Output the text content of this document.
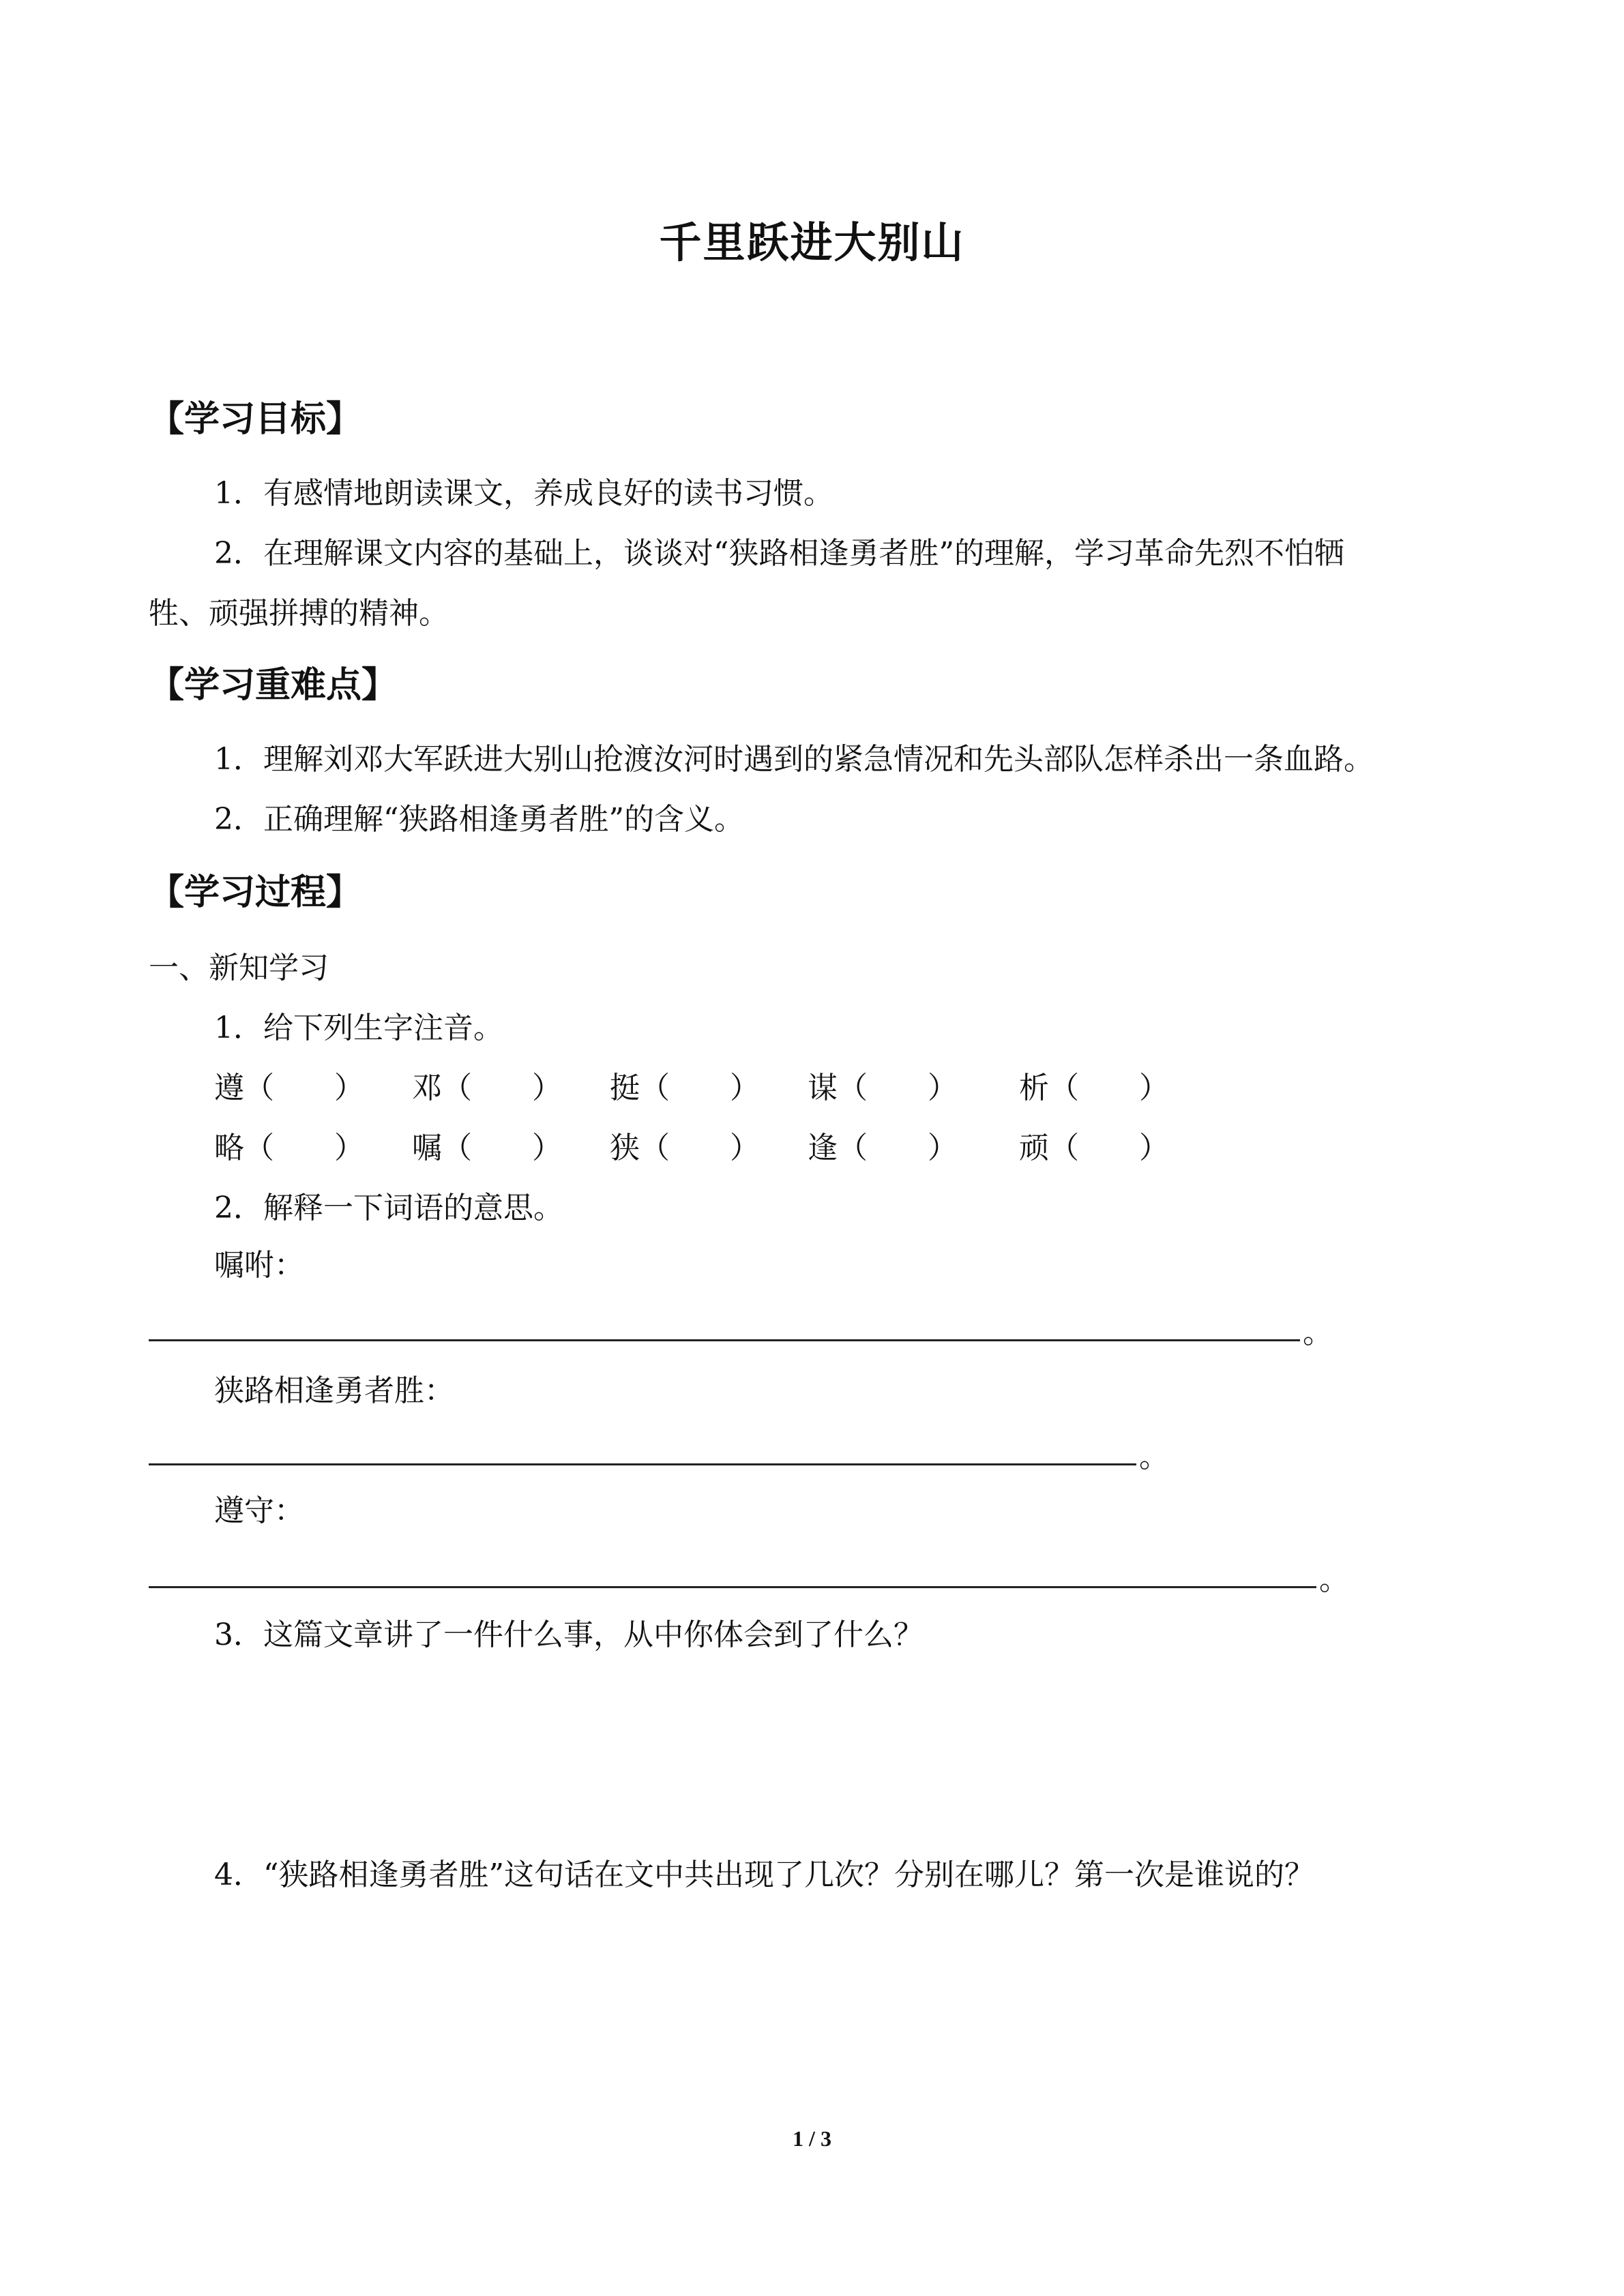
千里跃进大别山
【学习目标】
1．有感情地朗读课文，养成良好的读书习惯。
2．在理解课文内容的基础上，谈谈对“狭路相逢勇者胜”的理解，学习革命先烈不怕牺
牲、顽强拼搏的精神。
【学习重难点】
1．理解刘邓大军跃进大别山抢渡汝河时遇到的紧急情况和先头部队怎样杀出一条血路。
2．正确理解“狭路相逢勇者胜”的含义。
【学习过程】
一、新知学习
1．给下列生字注音。
遵（　　） 邓（　　） 挺（　　） 谋（　　） 析（　　）
略（　　） 嘱（　　） 狭（　　） 逢（　　） 顽（　　）
2．解释一下词语的意思。
嘱咐：
。
狭路相逢勇者胜：
。
遵守：
。
3．这篇文章讲了一件什么事，从中你体会到了什么？
4．“狭路相逢勇者胜”这句话在文中共出现了几次？分别在哪儿？第一次是谁说的？
1 / 3
